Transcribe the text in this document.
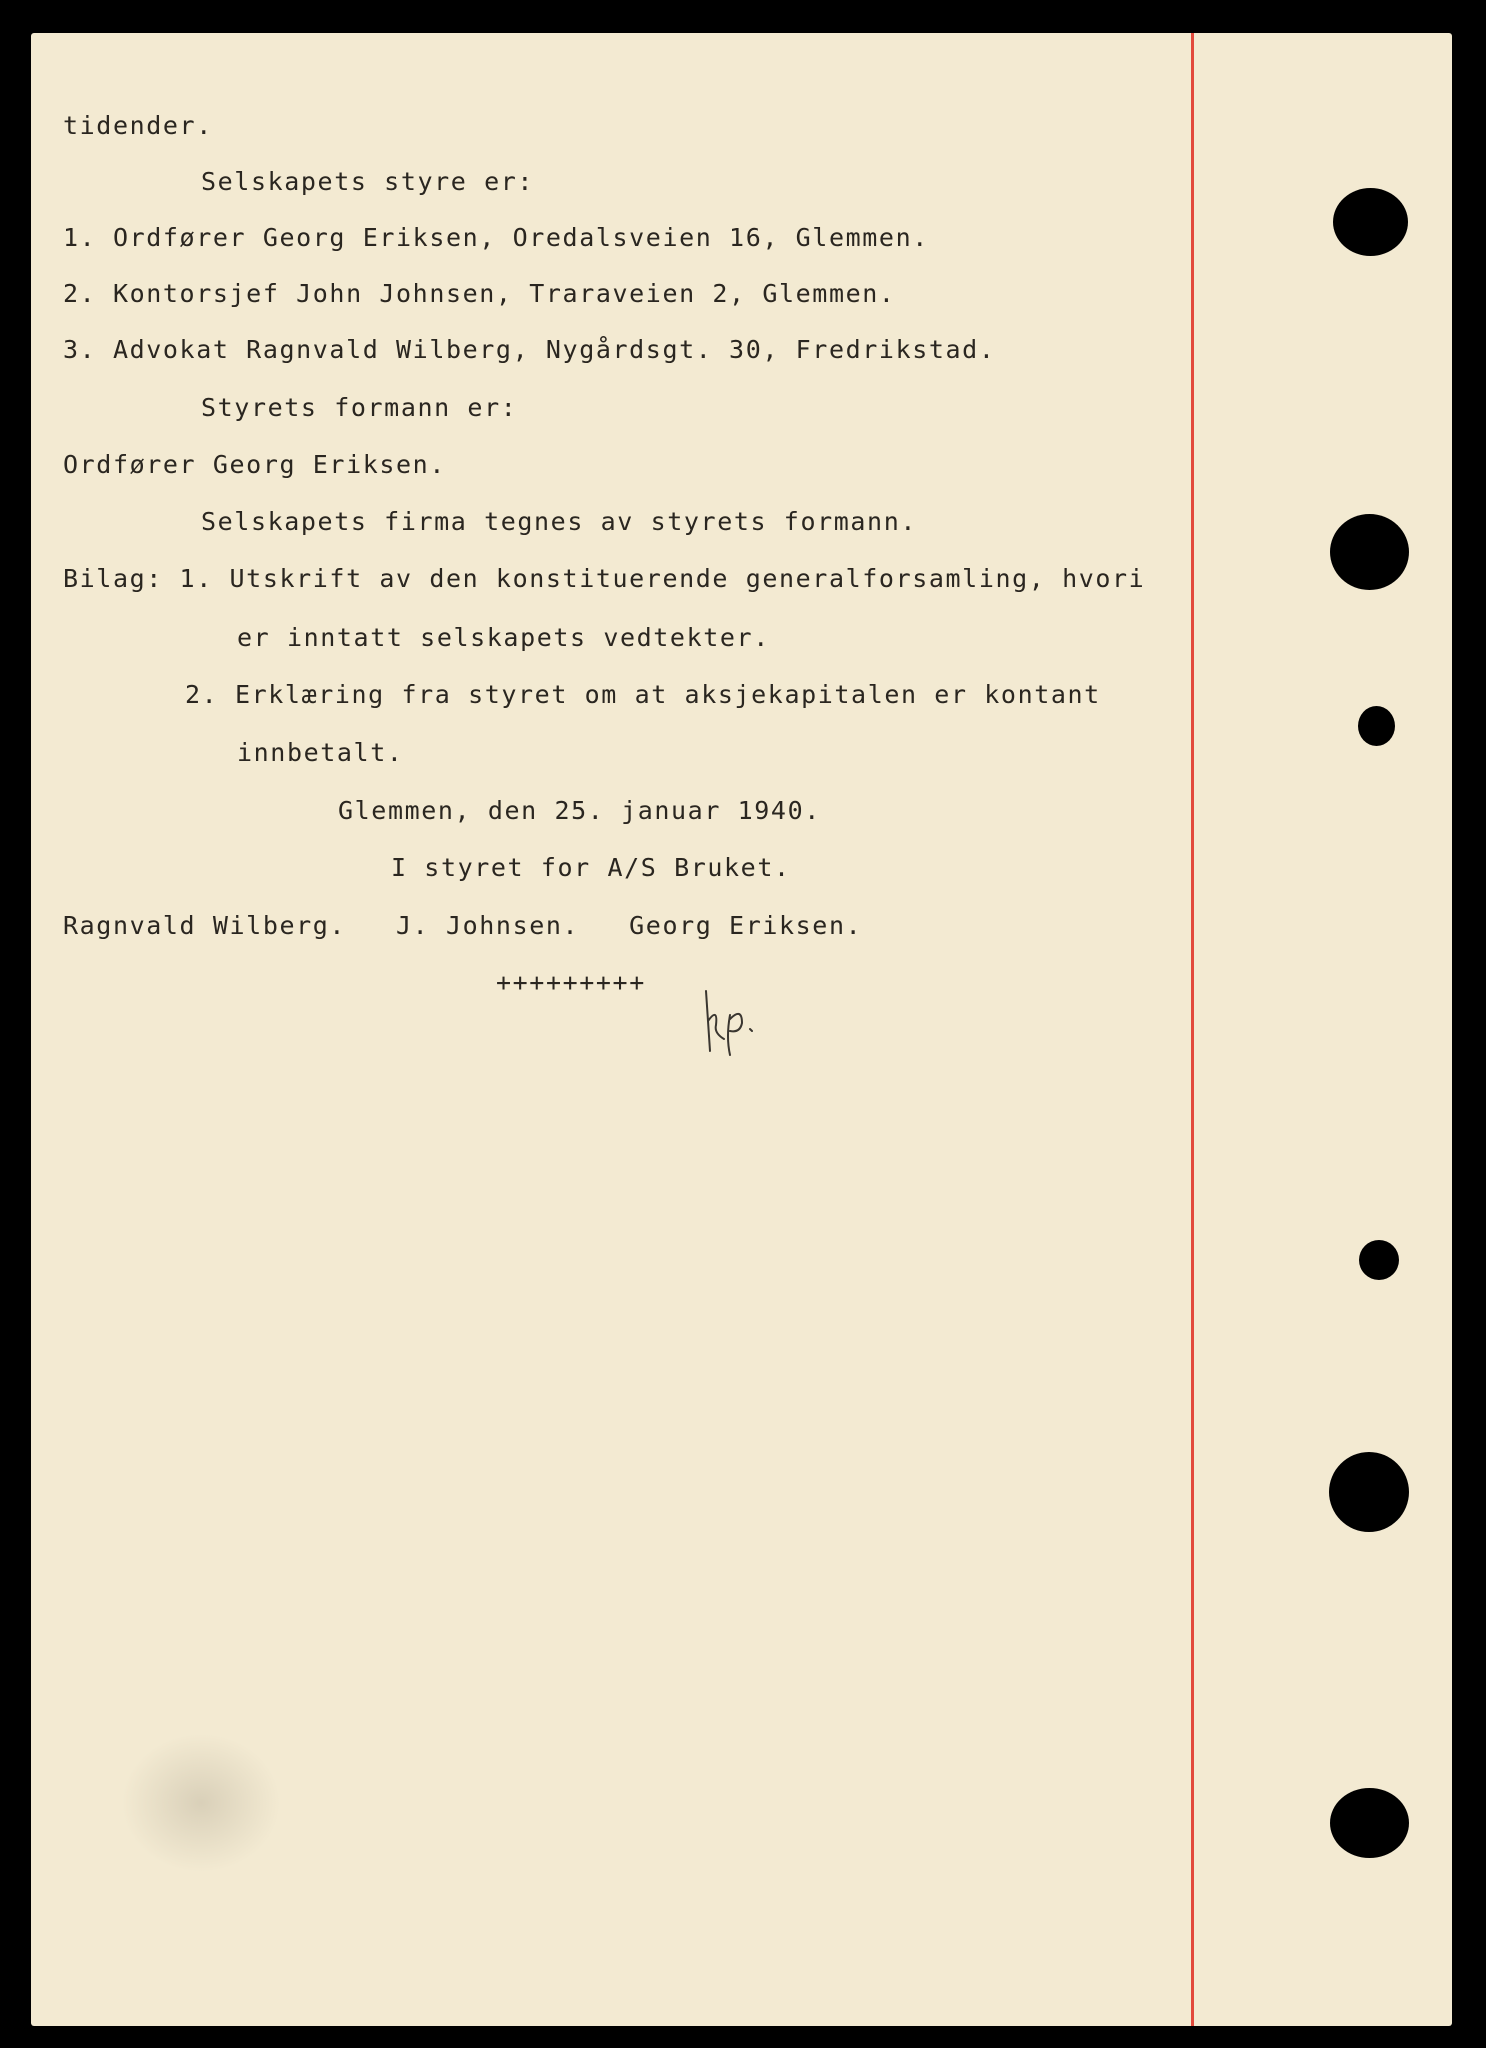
tidender.
Selskapets styre er:
1. Ordfører Georg Eriksen, Oredalsveien 16, Glemmen.
2. Kontorsjef John Johnsen, Traraveien 2, Glemmen.
3. Advokat Ragnvald Wilberg, Nygårdsgt. 30, Fredrikstad.
Styrets formann er:
Ordfører Georg Eriksen.
Selskapets firma tegnes av styrets formann.
Bilag: 1. Utskrift av den konstituerende generalforsamling, hvori
er inntatt selskapets vedtekter.
2. Erklæring fra styret om at aksjekapitalen er kontant
innbetalt.
Glemmen, den 25. januar 1940.
I styret for A/S Bruket.
Ragnvald Wilberg.   J. Johnsen.   Georg Eriksen.
+++++++++
